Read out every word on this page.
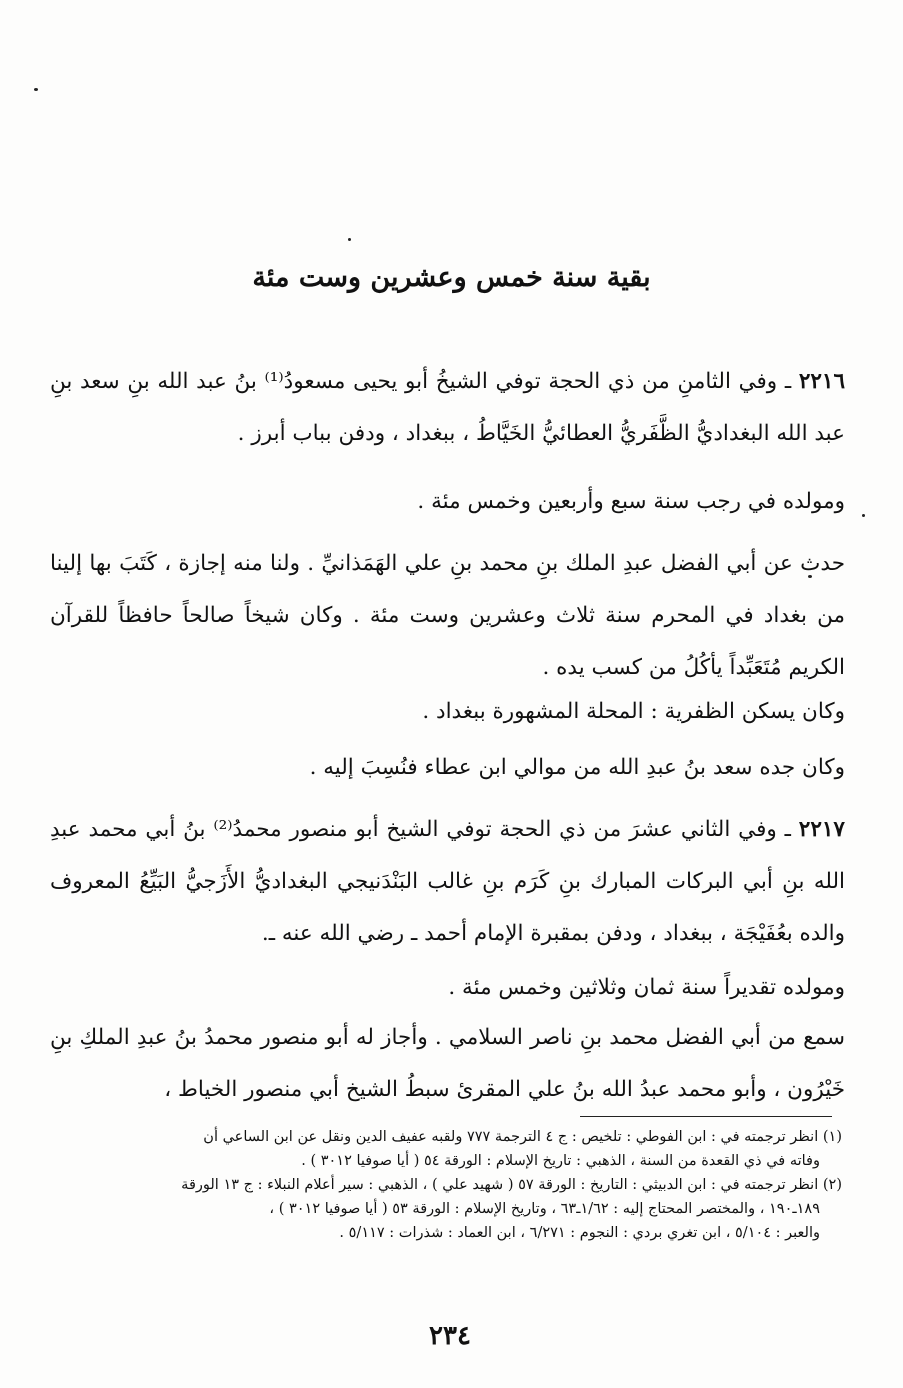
بقية سنة خمس وعشرين وست مئة

٢٢١٦ ـ وفي الثامنِ من ذي الحجة توفي الشيخُ أبو يحيى مسعودُ⁽¹⁾ بنُ عبد الله بنِ سعد بنِ عبد الله البغداديُّ الظَّفَريُّ العطائيُّ الخَيَّاطُ ، ببغداد ، ودفن بباب أبرز .

ومولده في رجب سنة سبع وأربعين وخمس مئة .

حدث عن أبي الفضل عبدِ الملك بنِ محمد بنِ علي الهَمَذانيِّ . ولنا منه إجازة ، كَتَبَ بها إلينا من بغداد في المحرم سنة ثلاث وعشرين وست مئة . وكان شيخاً صالحاً حافظاً للقرآن الكريم مُتَعَبِّداً يأكُلُ من كسب يده .

وكان يسكن الظفرية : المحلة المشهورة ببغداد .

وكان جده سعد بنُ عبدِ الله من موالي ابن عطاء فنُسِبَ إليه .

٢٢١٧ ـ وفي الثاني عشرَ من ذي الحجة توفي الشيخ أبو منصور محمدُ⁽²⁾ بنُ أبي محمد عبدِ الله بنِ أبي البركات المبارك بنِ كَرَم بنِ غالب البَنْدَنيجي البغداديُّ الأَزَجيُّ البَيِّعُ المعروف والده بعُفَيْجَة ، ببغداد ، ودفن بمقبرة الإمام أحمد ـ رضي الله عنه ـ.

ومولده تقديراً سنة ثمان وثلاثين وخمس مئة .

سمع من أبي الفضل محمد بنِ ناصر السلامي . وأجاز له أبو منصور محمدُ بنُ عبدِ الملكِ بنِ خَيْرُون ، وأبو محمد عبدُ الله بنُ علي المقرئ سبطُ الشيخ أبي منصور الخياط ،

(١) انظر ترجمته في : ابن الفوطي : تلخيص : ج ٤ الترجمة ٧٧٧ ولقبه عفيف الدين ونقل عن ابن الساعي أن

وفاته في ذي القعدة من السنة ، الذهبي : تاريخ الإسلام : الورقة ٥٤ ( أيا صوفيا ٣٠١٢ ) .

(٢) انظر ترجمته في : ابن الدبيثي : التاريخ : الورقة ٥٧ ( شهيد علي ) ، الذهبي : سير أعلام النبلاء : ج ١٣ الورقة

١٨٩ـ١٩٠ ، والمختصر المحتاج إليه : ١/٦٢ـ٦٣ ، وتاريخ الإسلام : الورقة ٥٣ ( أيا صوفيا ٣٠١٢ ) ،

والعبر : ٥/١٠٤ ، ابن تغري بردي : النجوم : ٦/٢٧١ ، ابن العماد : شذرات : ٥/١١٧ .

٢٣٤
